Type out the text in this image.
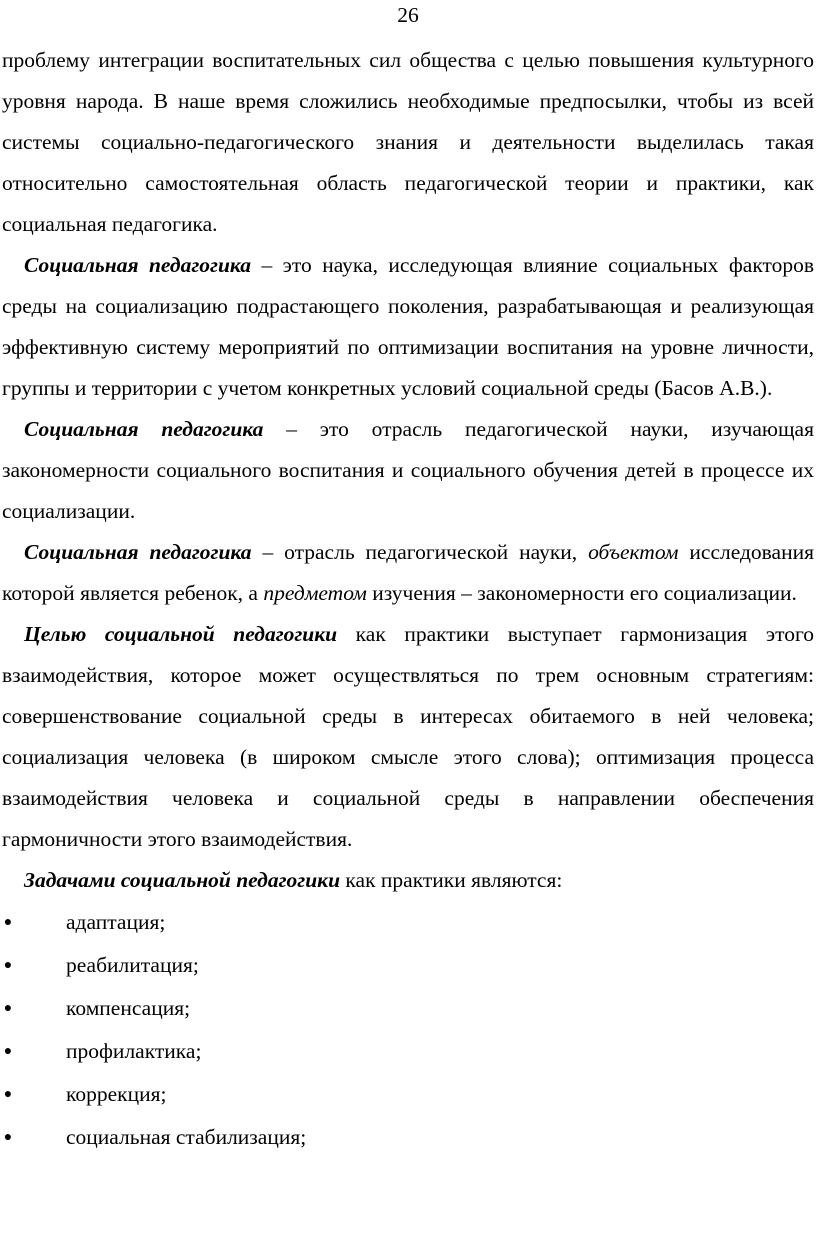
26

проблему интеграции воспитательных сил общества с целью повышения культурного уровня народа. В наше время сложились необходимые предпосылки, чтобы из всей системы социально-педагогического знания и деятельности выделилась такая относительно самостоятельная область педагогической теории и практики, как социальная педагогика.

Социальная педагогика – это наука, исследующая влияние социальных факторов среды на социализацию подрастающего поколения, разрабатывающая и реализующая эффективную систему мероприятий по оптимизации воспитания на уровне личности, группы и территории с учетом конкретных условий социальной среды (Басов А.В.).

Социальная педагогика – это отрасль педагогической науки, изучающая закономерности социального воспитания и социального обучения детей в процессе их социализации.

Социальная педагогика – отрасль педагогической науки, объектом исследования которой является ребенок, а предметом изучения – закономерности его социализации.

Целью социальной педагогики как практики выступает гармонизация этого взаимодействия, которое может осуществляться по трем основным стратегиям: совершенствование социальной среды в интересах обитаемого в ней человека; социализация человека (в широком смысле этого слова); оптимизация процесса взаимодействия человека и социальной среды в направлении обеспечения гармоничности этого взаимодействия.

Задачами социальной педагогики как практики являются:

●	адаптация;
●	реабилитация;
●	компенсация;
●	профилактика;
●	коррекция;
●	социальная стабилизация;
